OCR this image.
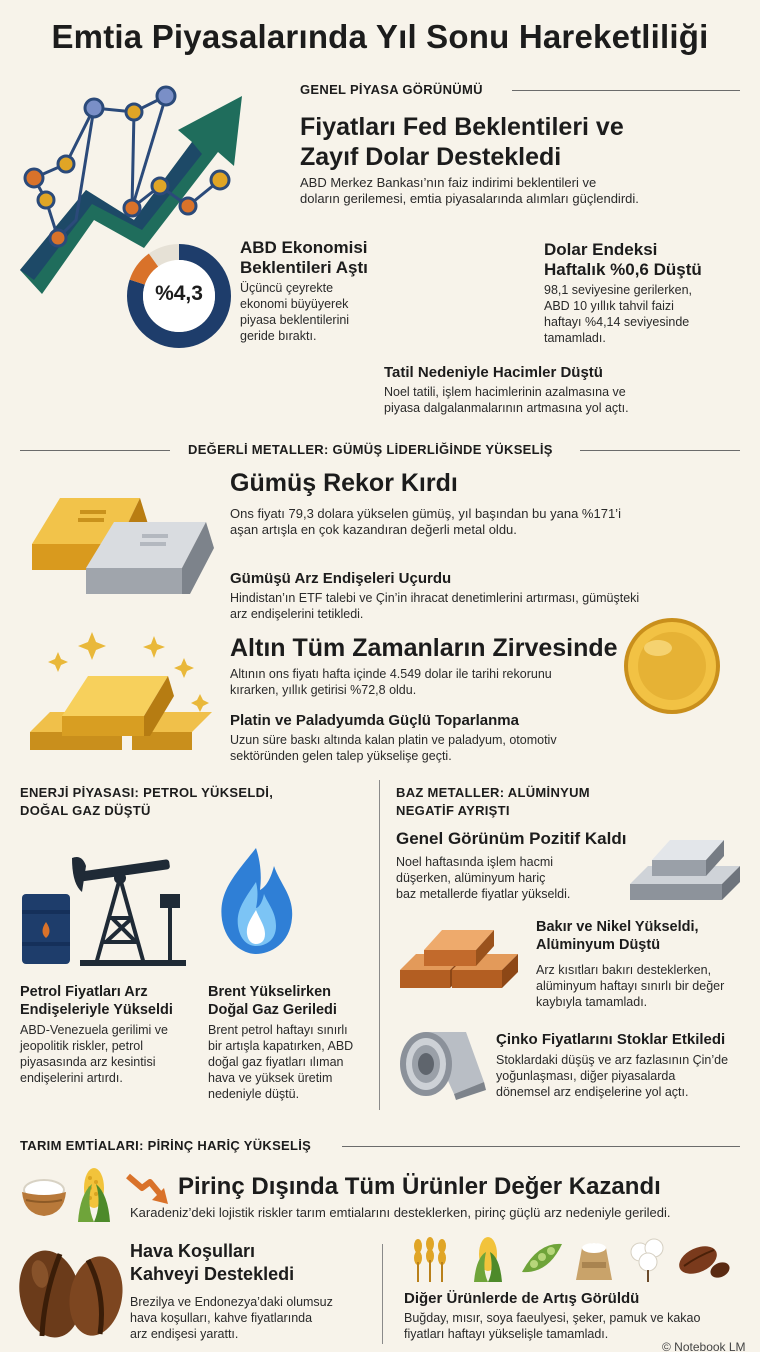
Emtia Piyasalarında Yıl Sonu Hareketliliği
GENEL PİYASA GÖRÜNÜMÜ
Fiyatları Fed Beklentileri ve
Zayıf Dolar Destekledi
ABD Merkez Bankası’nın faiz indirimi beklentileri ve
doların gerilemesi, emtia piyasalarında alımları güçlendirdi.
%4,3
ABD Ekonomisi
Beklentileri Aştı
Üçüncü çeyrekte
ekonomi büyüyerek
piyasa beklentilerini
geride bıraktı.
Dolar Endeksi
Haftalık %0,6 Düştü
98,1 seviyesine gerilerken,
ABD 10 yıllık tahvil faizi
haftayı %4,14 seviyesinde
tamamladı.
Tatil Nedeniyle Hacimler Düştü
Noel tatili, işlem hacimlerinin azalmasına ve
piyasa dalgalanmalarının artmasına yol açtı.
DEĞERLİ METALLER: GÜMÜŞ LİDERLİĞİNDE YÜKSELİŞ
Gümüş Rekor Kırdı
Ons fiyatı 79,3 dolara yükselen gümüş, yıl başından bu yana %171’i
aşan artışla en çok kazandıran değerli metal oldu.
Gümüşü Arz Endişeleri Uçurdu
Hindistan’ın ETF talebi ve Çin’in ihracat denetimlerini artırması, gümüşteki
arz endişelerini tetikledi.
Altın Tüm Zamanların Zirvesinde
Altının ons fiyatı hafta içinde 4.549 dolar ile tarihi rekorunu
kırarken, yıllık getirisi %72,8 oldu.
Platin ve Paladyumda Güçlü Toparlanma
Uzun süre baskı altında kalan platin ve paladyum, otomotiv
sektöründen gelen talep yükselişe geçti.
ENERJİ PİYASASI: PETROL YÜKSELDİ,
DOĞAL GAZ DÜŞTÜ
Petrol Fiyatları Arz
Endişeleriyle Yükseldi
ABD-Venezuela gerilimi ve
jeopolitik riskler, petrol
piyasasında arz kesintisi
endişelerini artırdı.
Brent Yükselirken
Doğal Gaz Geriledi
Brent petrol haftayı sınırlı
bir artışla kapatırken, ABD
doğal gaz fiyatları ılıman
hava ve yüksek üretim
nedeniyle düştü.
BAZ METALLER: ALÜMİNYUM
NEGATİF AYRIŞTI
Genel Görünüm Pozitif Kaldı
Noel haftasında işlem hacmi
düşerken, alüminyum hariç
baz metallerde fiyatlar yükseldi.
Bakır ve Nikel Yükseldi,
Alüminyum Düştü
Arz kısıtları bakırı desteklerken,
alüminyum haftayı sınırlı bir değer
kaybıyla tamamladı.
Çinko Fiyatlarını Stoklar Etkiledi
Stoklardaki düşüş ve arz fazlasının Çin’de
yoğunlaşması, diğer piyasalarda
dönemsel arz endişelerine yol açtı.
TARIM EMTİALARI: PİRİNÇ HARİÇ YÜKSELİŞ
Pirinç Dışında Tüm Ürünler Değer Kazandı
Karadeniz’deki lojistik riskler tarım emtialarını desteklerken, pirinç güçlü arz nedeniyle geriledi.
Hava Koşulları
Kahveyi Destekledi
Brezilya ve Endonezya’daki olumsuz
hava koşulları, kahve fiyatlarında
arz endişesi yarattı.
Diğer Ürünlerde de Artış Görüldü
Buğday, mısır, soya faeulyesi, şeker, pamuk ve kakao
fiyatları haftayı yükselişle tamamladı.
© Notebook LM
